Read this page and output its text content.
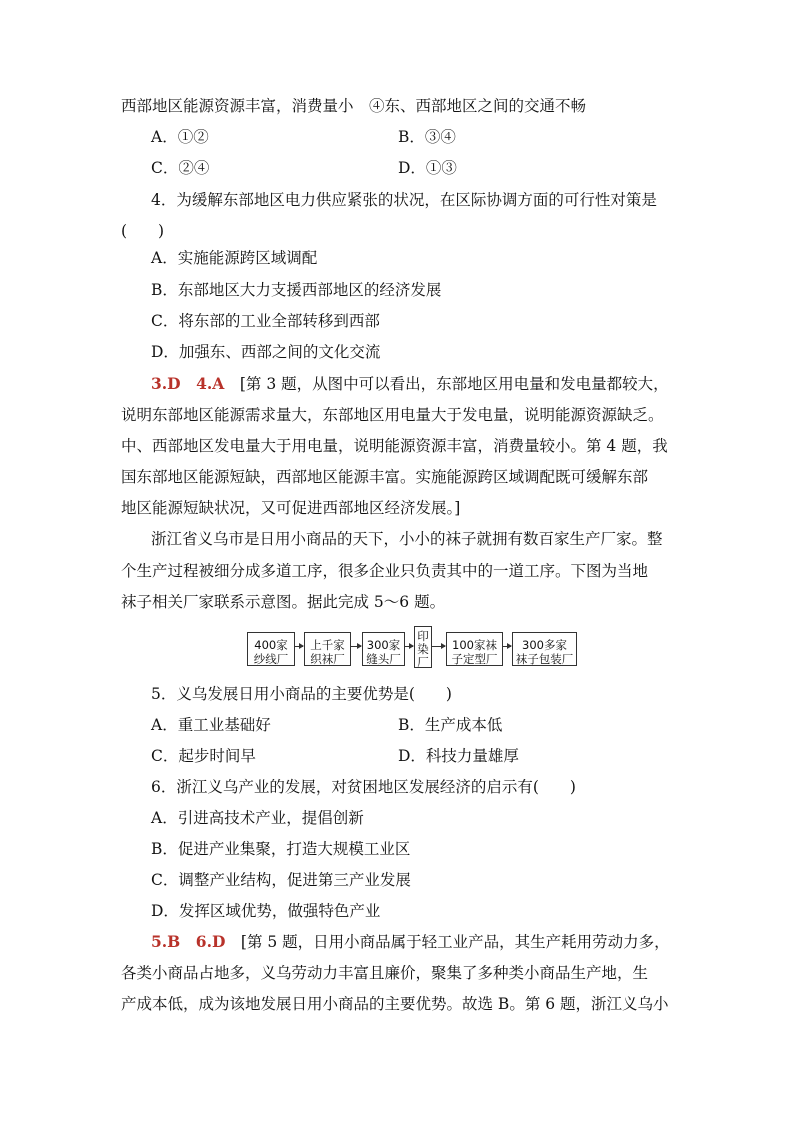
西部地区能源资源丰富，消费量小　④东、西部地区之间的交通不畅
A．①②	B．③④
C．②④	D．①③
4．为缓解东部地区电力供应紧张的状况，在区际协调方面的可行性对策是
(　　)
A．实施能源跨区域调配
B．东部地区大力支援西部地区的经济发展
C．将东部的工业全部转移到西部
D．加强东、西部之间的文化交流
3.D　4.A　[第 3 题，从图中可以看出，东部地区用电量和发电量都较大，
说明东部地区能源需求量大，东部地区用电量大于发电量，说明能源资源缺乏。
中、西部地区发电量大于用电量，说明能源资源丰富，消费量较小。第 4 题，我
国东部地区能源短缺，西部地区能源丰富。实施能源跨区域调配既可缓解东部
地区能源短缺状况，又可促进西部地区经济发展。]
浙江省义乌市是日用小商品的天下，小小的袜子就拥有数百家生产厂家。整
个生产过程被细分成多道工序，很多企业只负责其中的一道工序。下图为当地
袜子相关厂家联系示意图。据此完成 5～6 题。
400家
纱线厂
上千家
织袜厂
300家
缝头厂
印
染
厂
100家袜
子定型厂
300多家
袜子包装厂
5．义乌发展日用小商品的主要优势是(　　)
A．重工业基础好	B．生产成本低
C．起步时间早	D．科技力量雄厚
6．浙江义乌产业的发展，对贫困地区发展经济的启示有(　　)
A．引进高技术产业，提倡创新
B．促进产业集聚，打造大规模工业区
C．调整产业结构，促进第三产业发展
D．发挥区域优势，做强特色产业
5.B　6.D　[第 5 题，日用小商品属于轻工业产品，其生产耗用劳动力多，
各类小商品占地多，义乌劳动力丰富且廉价，聚集了多种类小商品生产地，生
产成本低，成为该地发展日用小商品的主要优势。故选 B。第 6 题，浙江义乌小
